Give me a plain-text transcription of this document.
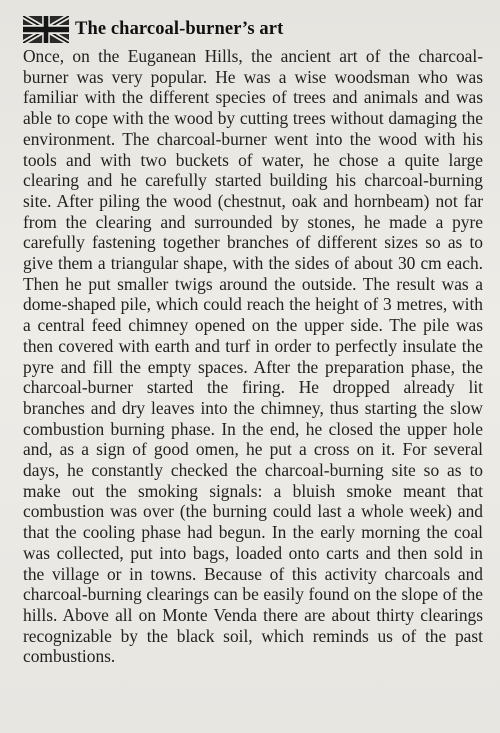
The charcoal-burner’s art

Once, on the Euganean Hills, the ancient art of the charcoal-burner was very popular. He was a wise woodsman who was familiar with the different species of trees and animals and was able to cope with the wood by cutting trees without damaging the environment. The charcoal-burner went into the wood with his tools and with two buckets of water, he chose a quite large clearing and he carefully started building his charcoal-burning site. After piling the wood (chestnut, oak and hornbeam) not far from the clearing and surrounded by stones, he made a pyre carefully fastening together branches of different sizes so as to give them a triangular shape, with the sides of about 30 cm each. Then he put smaller twigs around the outside. The result was a dome-shaped pile, which could reach the height of 3 metres, with a central feed chimney opened on the upper side. The pile was then covered with earth and turf in order to perfectly insulate the pyre and fill the empty spaces. After the preparation phase, the charcoal-burner started the firing. He dropped already lit branches and dry leaves into the chimney, thus starting the slow combustion burning phase. In the end, he closed the upper hole and, as a sign of good omen, he put a cross on it. For several days, he constantly checked the charcoal-burning site so as to make out the smoking signals: a bluish smoke meant that combustion was over (the burning could last a whole week) and that the cooling phase had begun. In the early morning the coal was collected, put into bags, loaded onto carts and then sold in the village or in towns. Because of this activity charcoals and charcoal-burning clearings can be easily found on the slope of the hills. Above all on Monte Venda there are about thirty clearings recognizable by the black soil, which reminds us of the past combustions.
